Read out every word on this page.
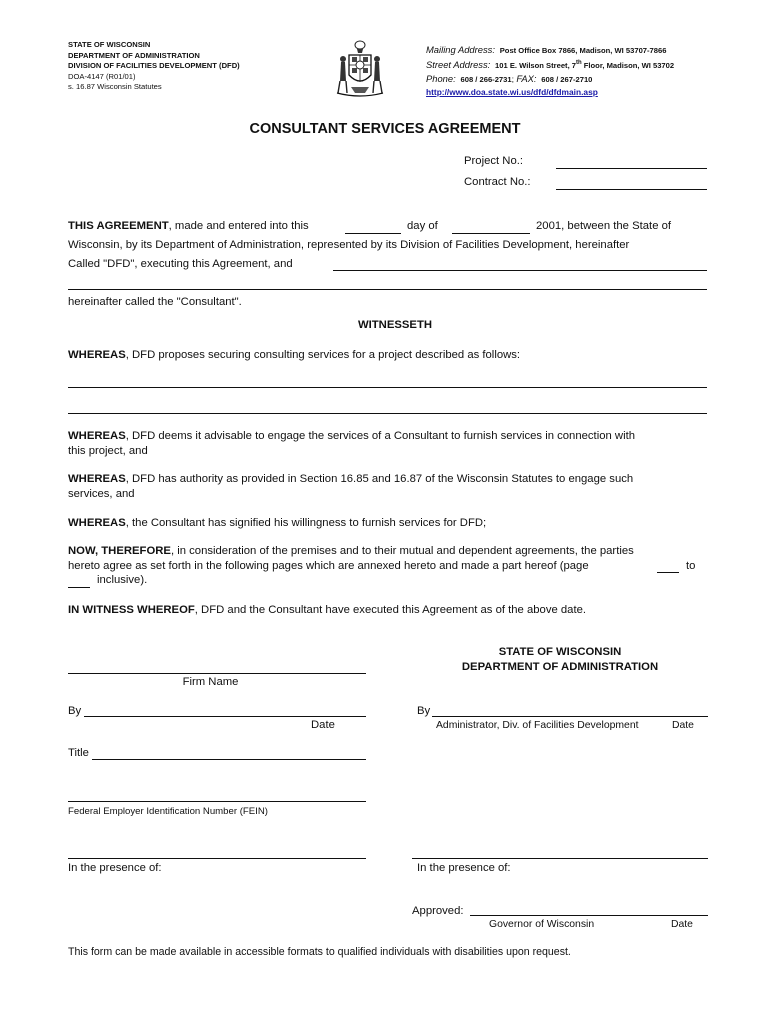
STATE OF WISCONSIN
DEPARTMENT OF ADMINISTRATION
DIVISION OF FACILITIES DEVELOPMENT (DFD)
DOA-4147 (R01/01)
s. 16.87 Wisconsin Statutes
Mailing Address: Post Office Box 7866, Madison, WI 53707-7866
Street Address: 101 E. Wilson Street, 7th Floor, Madison, WI 53702
Phone: 608 / 266-2731; FAX: 608 / 267-2710
http://www.doa.state.wi.us/dfd/dfdmain.asp
CONSULTANT SERVICES AGREEMENT
Project No.:
Contract No.:
THIS AGREEMENT, made and entered into this	day of	2001, between the State of
Wisconsin, by its Department of Administration, represented by its Division of Facilities Development, hereinafter
Called "DFD", executing this Agreement, and
hereinafter called the "Consultant".
WITNESSETH
WHEREAS, DFD proposes securing consulting services for a project described as follows:
WHEREAS, DFD deems it advisable to engage the services of a Consultant to furnish services in connection with
this project, and
WHEREAS, DFD has authority as provided in Section 16.85 and 16.87 of the Wisconsin Statutes to engage such
services, and
WHEREAS, the Consultant has signified his willingness to furnish services for DFD;
NOW, THEREFORE, in consideration of the premises and to their mutual and dependent agreements, the parties
hereto agree as set forth in the following pages which are annexed hereto and made a part hereof (page	to
inclusive).
IN WITNESS WHEREOF, DFD and the Consultant have executed this Agreement as of the above date.
STATE OF WISCONSIN
DEPARTMENT OF ADMINISTRATION
Firm Name
By
Date
Title
Federal Employer Identification Number (FEIN)
In the presence of:
By
Administrator, Div. of Facilities Development	Date
In the presence of:
Approved:
Governor of Wisconsin	Date
This form can be made available in accessible formats to qualified individuals with disabilities upon request.
